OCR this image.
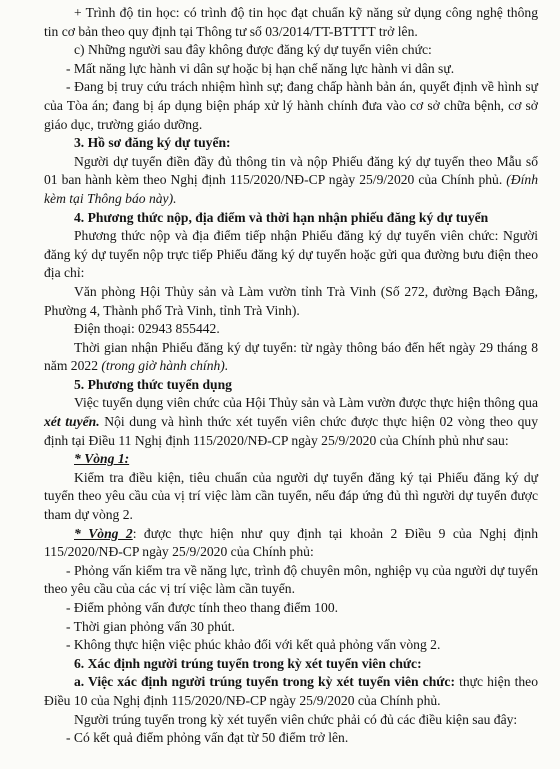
+ Trình độ tin học: có trình độ tin học đạt chuẩn kỹ năng sử dụng công nghệ thông tin cơ bản theo quy định tại Thông tư số 03/2014/TT-BTTTT trở lên.

c) Những người sau đây không được đăng ký dự tuyển viên chức:

- Mất năng lực hành vi dân sự hoặc bị hạn chế năng lực hành vi dân sự.

- Đang bị truy cứu trách nhiệm hình sự; đang chấp hành bản án, quyết định về hình sự của Tòa án; đang bị áp dụng biện pháp xử lý hành chính đưa vào cơ sở chữa bệnh, cơ sở giáo dục, trường giáo dưỡng.

3. Hồ sơ đăng ký dự tuyển:

Người dự tuyển điền đầy đủ thông tin và nộp Phiếu đăng ký dự tuyển theo Mẫu số 01 ban hành kèm theo Nghị định 115/2020/NĐ-CP ngày 25/9/2020 của Chính phủ. (Đính kèm tại Thông báo này).

4. Phương thức nộp, địa điểm và thời hạn nhận phiếu đăng ký dự tuyển

Phương thức nộp và địa điểm tiếp nhận Phiếu đăng ký dự tuyển viên chức: Người đăng ký dự tuyển nộp trực tiếp Phiếu đăng ký dự tuyển hoặc gửi qua đường bưu điện theo địa chỉ:

Văn phòng Hội Thủy sản và Làm vườn tỉnh Trà Vinh (Số 272, đường Bạch Đằng, Phường 4, Thành phố Trà Vinh, tỉnh Trà Vinh).

Điện thoại: 02943 855442.

Thời gian nhận Phiếu đăng ký dự tuyển: từ ngày thông báo đến hết ngày 29 tháng 8 năm 2022 (trong giờ hành chính).

5. Phương thức tuyển dụng

Việc tuyển dụng viên chức của Hội Thủy sản và Làm vườn được thực hiện thông qua xét tuyển. Nội dung và hình thức xét tuyển viên chức được thực hiện 02 vòng theo quy định tại Điều 11 Nghị định 115/2020/NĐ-CP ngày 25/9/2020 của Chính phủ như sau:

* Vòng 1:

Kiểm tra điều kiện, tiêu chuẩn của người dự tuyển đăng ký tại Phiếu đăng ký dự tuyển theo yêu cầu của vị trí việc làm cần tuyển, nếu đáp ứng đủ thì người dự tuyển được tham dự vòng 2.

* Vòng 2: được thực hiện như quy định tại khoản 2 Điều 9 của Nghị định 115/2020/NĐ-CP ngày 25/9/2020 của Chính phủ:

- Phỏng vấn kiểm tra về năng lực, trình độ chuyên môn, nghiệp vụ của người dự tuyển theo yêu cầu của các vị trí việc làm cần tuyển.

- Điểm phỏng vấn được tính theo thang điểm 100.

- Thời gian phỏng vấn 30 phút.

- Không thực hiện việc phúc khảo đối với kết quả phỏng vấn vòng 2.

6. Xác định người trúng tuyển trong kỳ xét tuyển viên chức:

a. Việc xác định người trúng tuyển trong kỳ xét tuyển viên chức: thực hiện theo Điều 10 của Nghị định 115/2020/NĐ-CP ngày 25/9/2020 của Chính phủ.

Người trúng tuyển trong kỳ xét tuyển viên chức phải có đủ các điều kiện sau đây:

- Có kết quả điểm phỏng vấn đạt từ 50 điểm trở lên.
